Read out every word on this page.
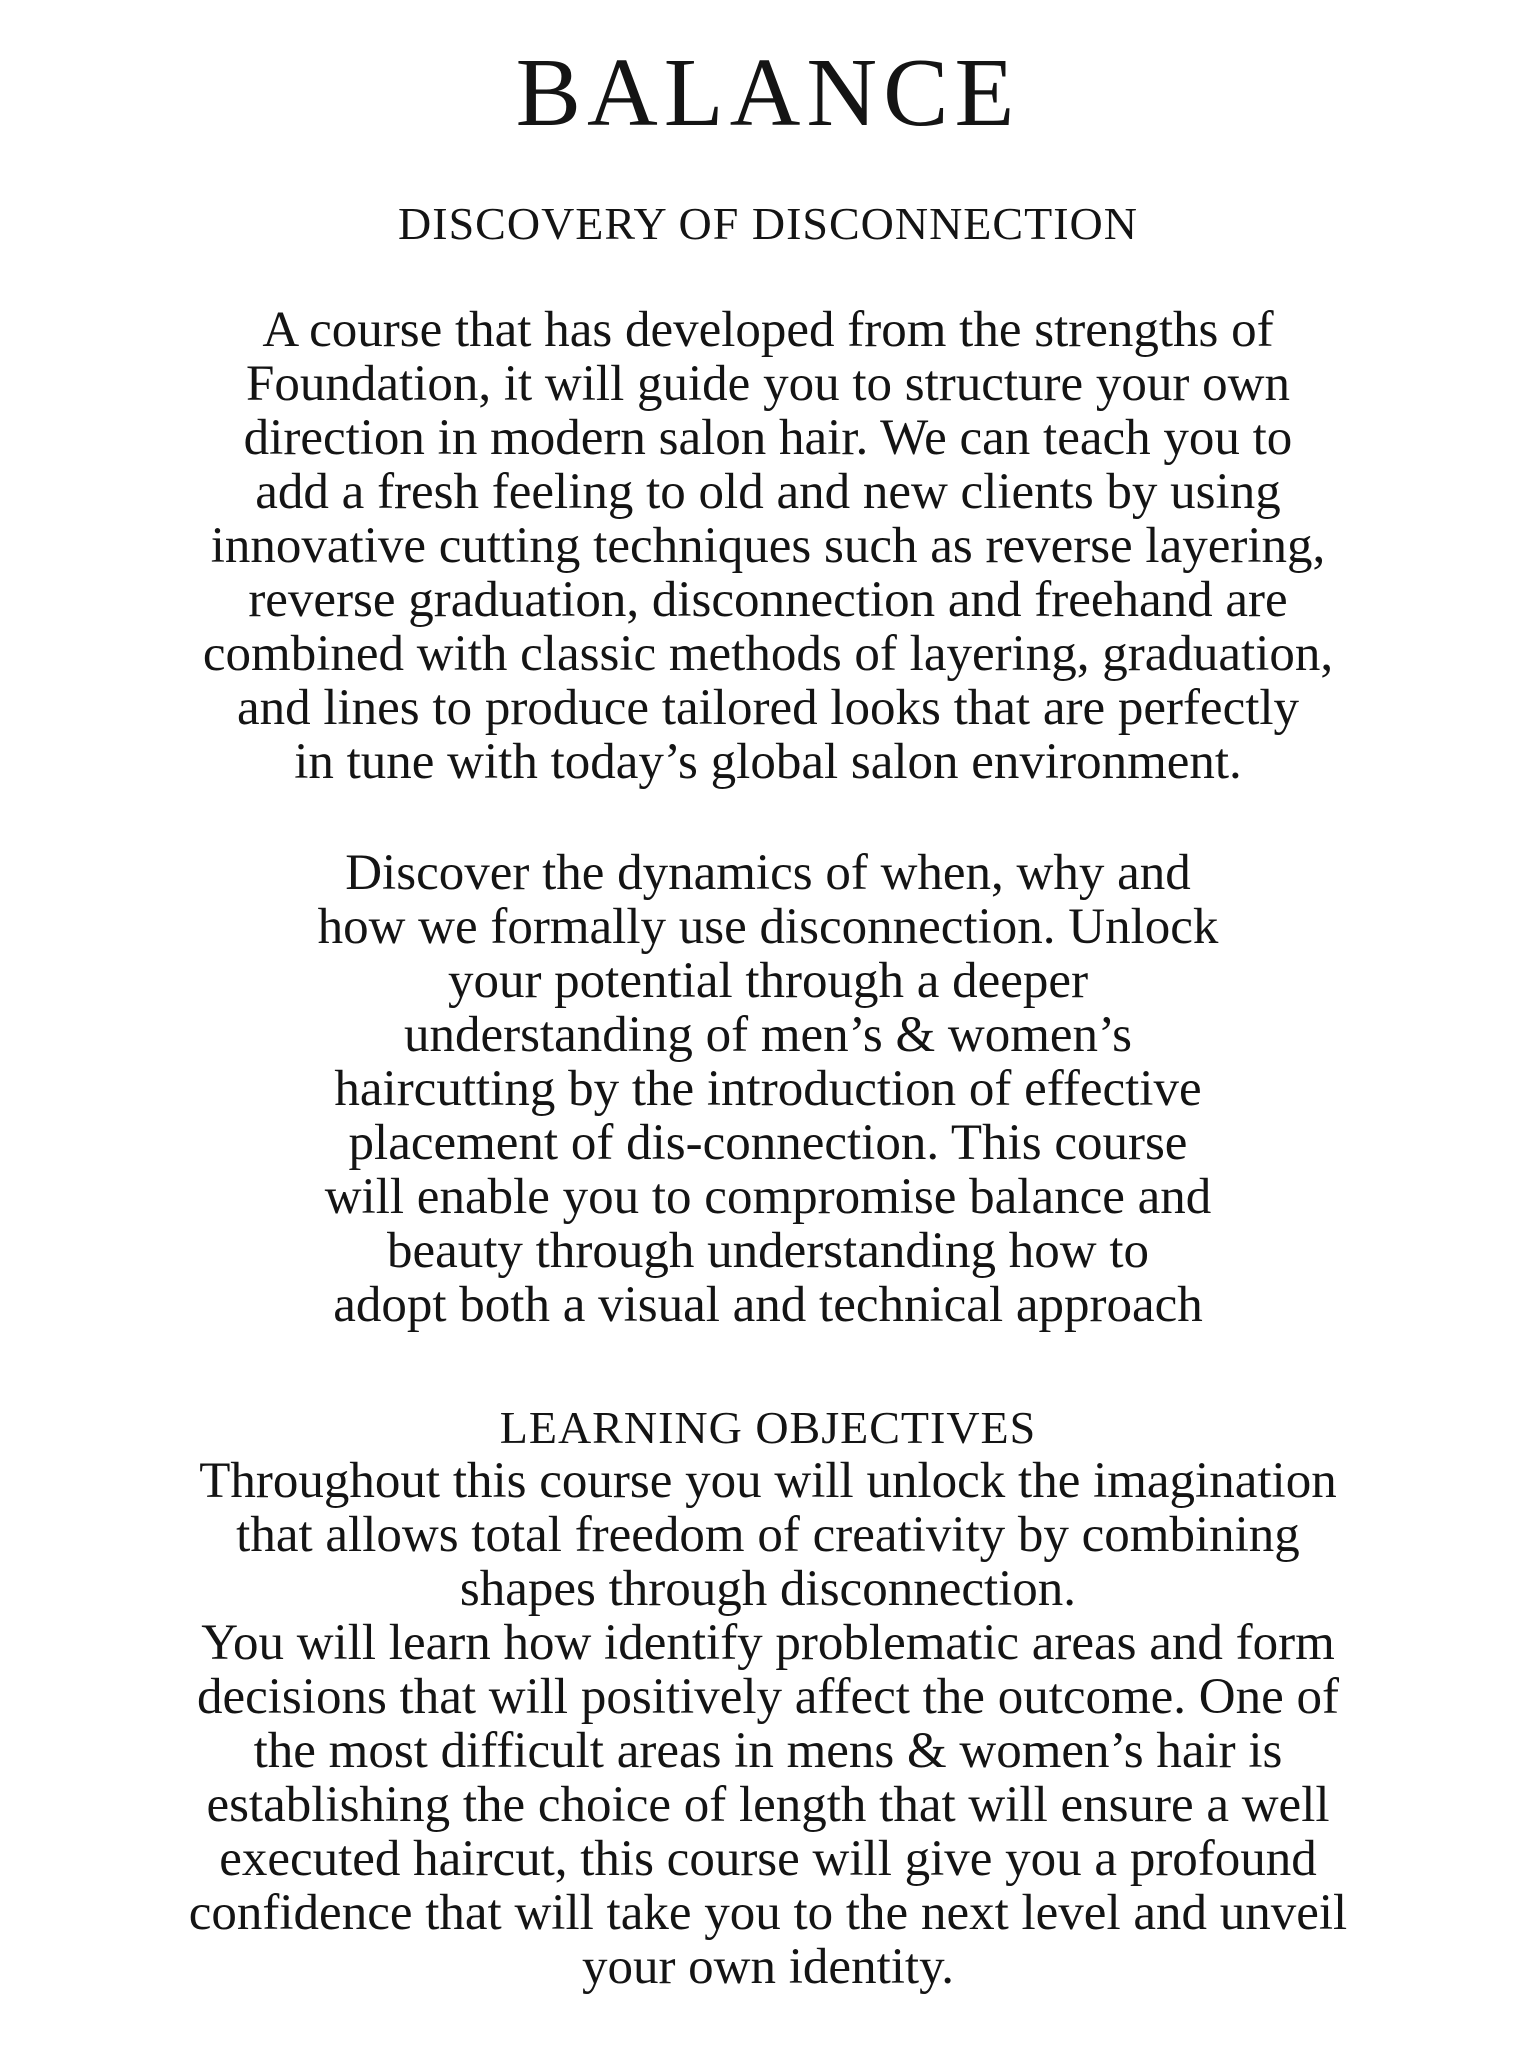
BALANCE
DISCOVERY OF DISCONNECTION
A course that has developed from the strengths of
Foundation, it will guide you to structure your own
direction in modern salon hair. We can teach you to
add a fresh feeling to old and new clients by using
innovative cutting techniques such as reverse layering,
reverse graduation, disconnection and freehand are
combined with classic methods of layering, graduation,
and lines to produce tailored looks that are perfectly
in tune with today’s global salon environment.
Discover the dynamics of when, why and
how we formally use disconnection. Unlock
your potential through a deeper
understanding of men’s & women’s
haircutting by the introduction of effective
placement of dis-connection. This course
will enable you to compromise balance and
beauty through understanding how to
adopt both a visual and technical approach
LEARNING OBJECTIVES
Throughout this course you will unlock the imagination
that allows total freedom of creativity by combining
shapes through disconnection.
You will learn how identify problematic areas and form
decisions that will positively affect the outcome. One of
the most difficult areas in mens & women’s hair is
establishing the choice of length that will ensure a well
executed haircut, this course will give you a profound
confidence that will take you to the next level and unveil
your own identity.
